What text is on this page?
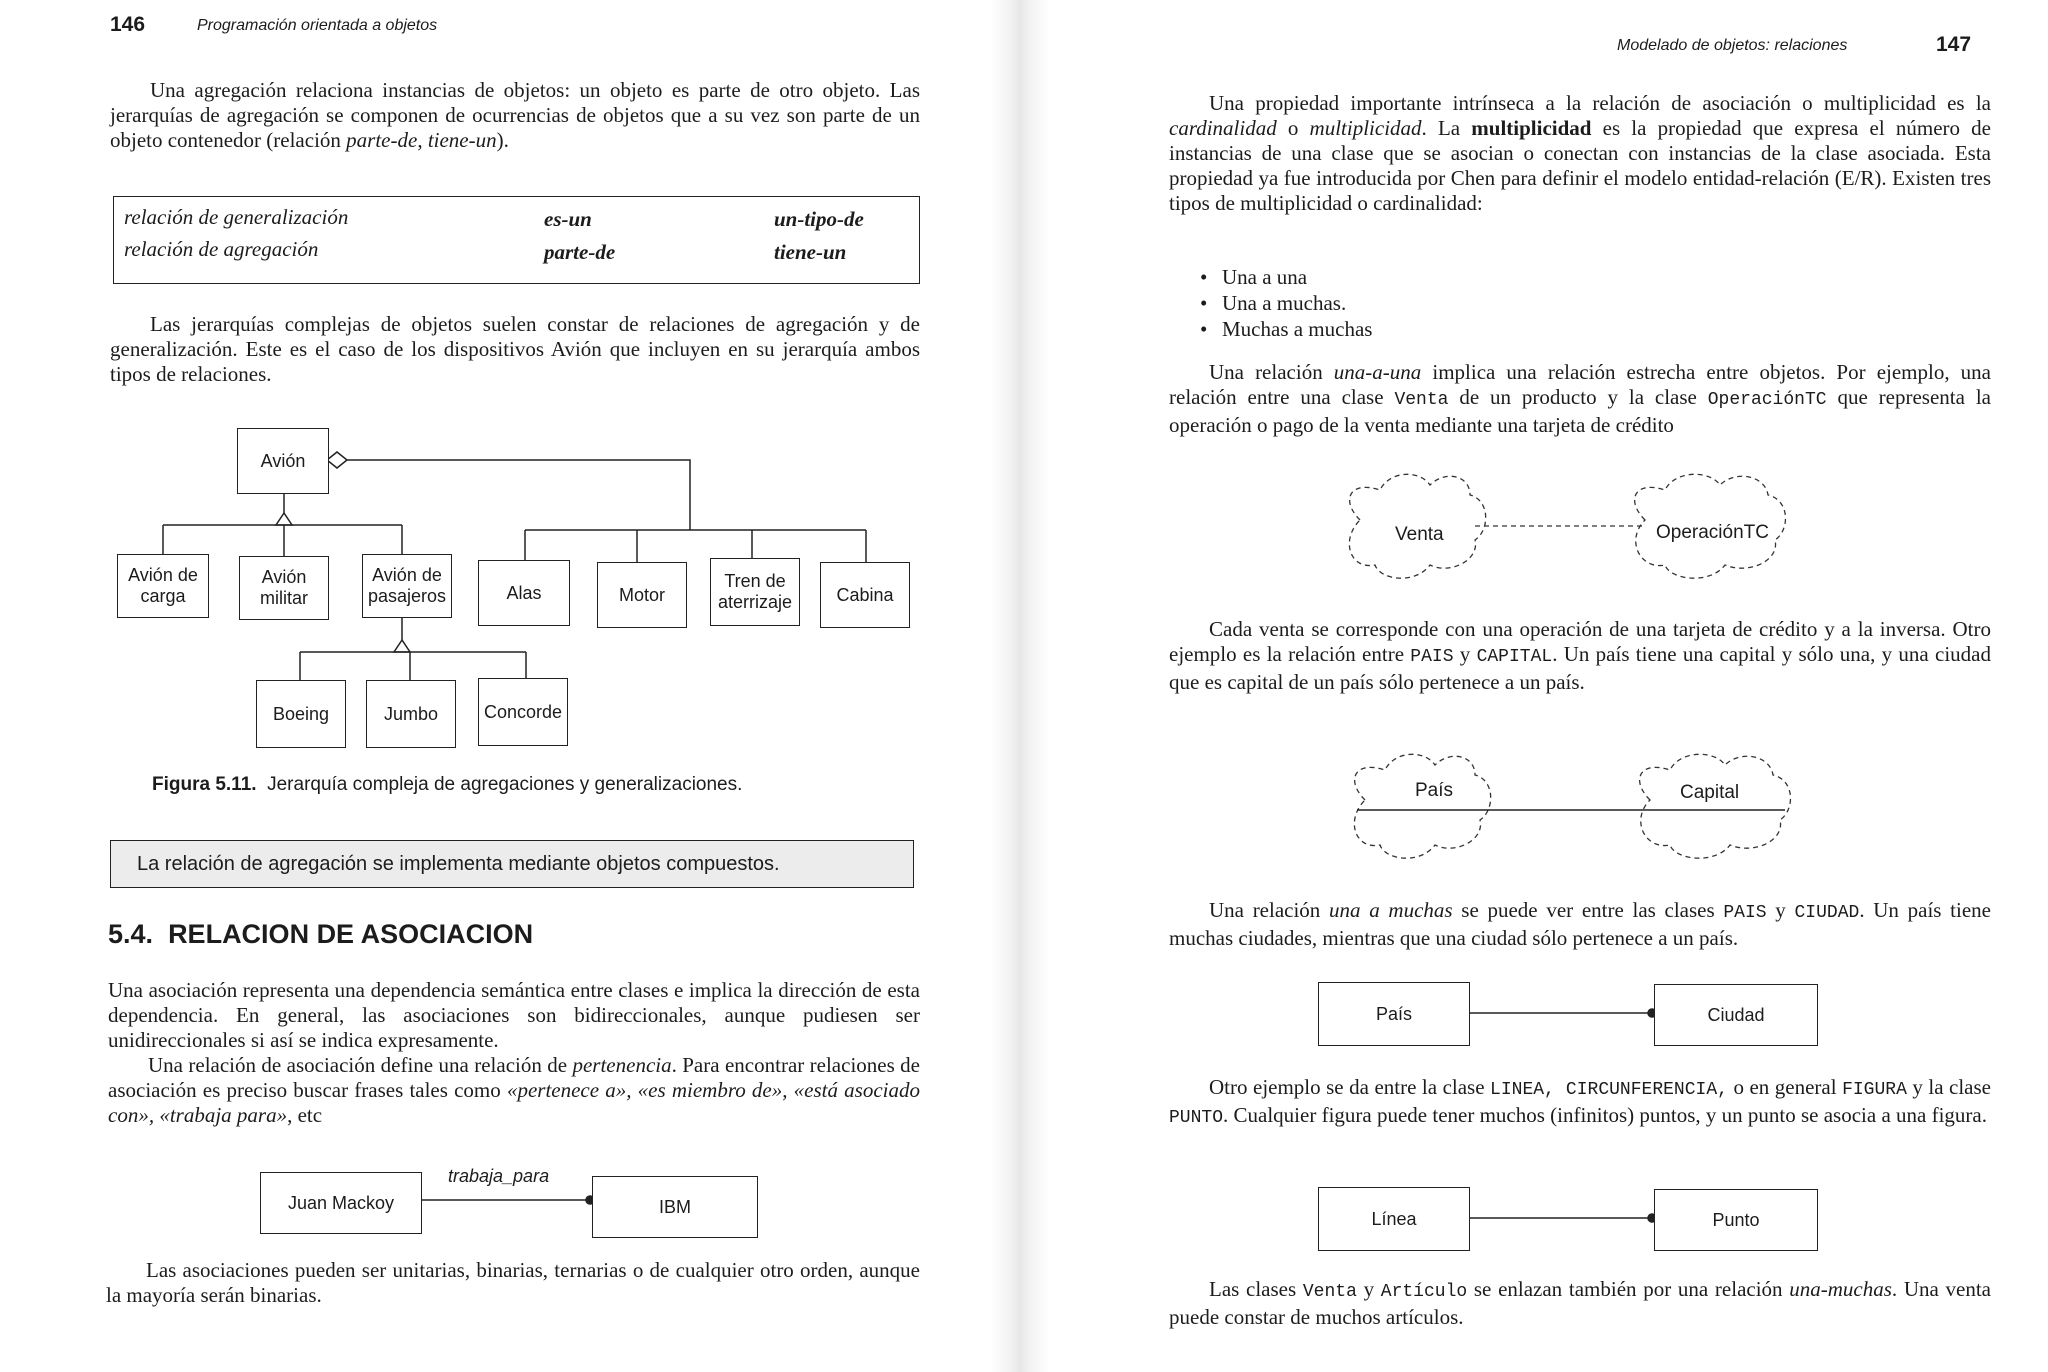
146	Programación orientada a objetos

Una agregación relaciona instancias de objetos: un objeto es parte de otro objeto. Las jerarquías de agregación se componen de ocurrencias de objetos que a su vez son parte de un objeto contenedor (relación parte-de, tiene-un).

relación de generalización	es-un	un-tipo-de
relación de agregación	parte-de	tiene-un

Las jerarquías complejas de objetos suelen constar de relaciones de agregación y de generalización. Este es el caso de los dispositivos Avión que incluyen en su jerarquía ambos tipos de relaciones.

Avión
Avión de carga
Avión militar
Avión de pasajeros	Alas	Motor
Tren de aterrizaje	Cabina
Boeing	Jumbo	Concorde
Figura 5.11. Jerarquía compleja de agregaciones y generalizaciones.
La relación de agregación se implementa mediante objetos compuestos.
5.4. RELACION DE ASOCIACION

Una asociación representa una dependencia semántica entre clases e implica la dirección de esta dependencia. En general, las asociaciones son bidireccionales, aunque pudiesen ser unidireccionales si así se indica expresamente.
Una relación de asociación define una relación de pertenencia. Para encontrar relaciones de asociación es preciso buscar frases tales como «pertenece a», «es miembro de», «está asociado con», «trabaja para», etc

Juan Mackoy
trabaja_para
IBM

Las asociaciones pueden ser unitarias, binarias, ternarias o de cualquier otro orden, aunque la mayoría serán binarias.

Modelado de objetos: relaciones	147

Una propiedad importante intrínseca a la relación de asociación o multiplicidad es la cardinalidad o multiplicidad. La multiplicidad es la propiedad que expresa el número de instancias de una clase que se asocian o conectan con instancias de la clase asociada. Esta propiedad ya fue introducida por Chen para definir el modelo entidad-relación (E/R). Existen tres tipos de multiplicidad o cardinalidad:

• Una a una
• Una a muchas.
• Muchas a muchas

Una relación una-a-una implica una relación estrecha entre objetos. Por ejemplo, una relación entre una clase Venta de un producto y la clase OperaciónTC que representa la operación o pago de la venta mediante una tarjeta de crédito

Venta	OperaciónTC

Cada venta se corresponde con una operación de una tarjeta de crédito y a la inversa. Otro ejemplo es la relación entre PAIS y CAPITAL. Un país tiene una capital y sólo una, y una ciudad que es capital de un país sólo pertenece a un país.

País	Capital

Una relación una a muchas se puede ver entre las clases PAIS y CIUDAD. Un país tiene muchas ciudades, mientras que una ciudad sólo pertenece a un país.

País	Ciudad

Otro ejemplo se da entre la clase LINEA, CIRCUNFERENCIA, o en general FIGURA y la clase PUNTO. Cualquier figura puede tener muchos (infinitos) puntos, y un punto se asocia a una figura.

Línea	Punto

Las clases Venta y Artículo se enlazan también por una relación una-muchas. Una venta puede constar de muchos artículos.
